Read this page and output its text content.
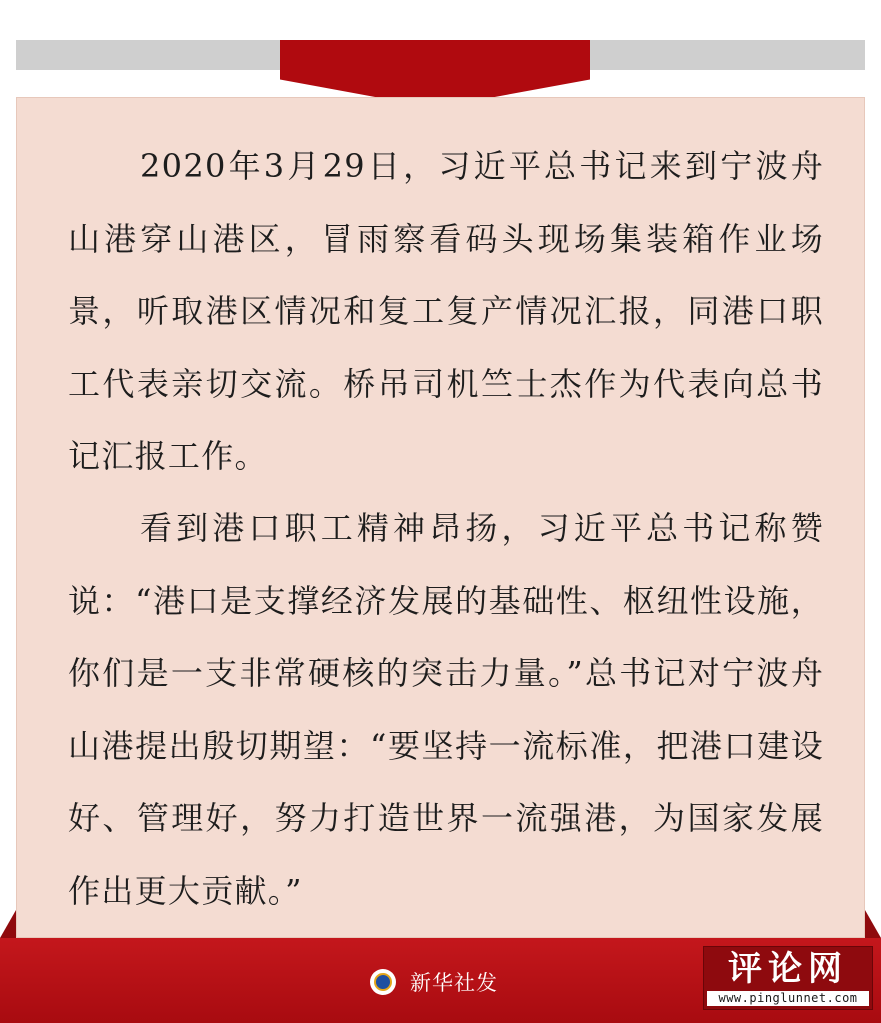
2020年3月29日，习近平总书记来到宁波舟山港穿山港区，冒雨察看码头现场集装箱作业场景，听取港区情况和复工复产情况汇报，同港口职工代表亲切交流。桥吊司机竺士杰作为代表向总书记汇报工作。

看到港口职工精神昂扬，习近平总书记称赞说：“港口是支撑经济发展的基础性、枢纽性设施，你们是一支非常硬核的突击力量。”总书记对宁波舟山港提出殷切期望：“要坚持一流标准，把港口建设好、管理好，努力打造世界一流强港，为国家发展作出更大贡献。”

新华社发	评论网
www.pinglunnet.com
